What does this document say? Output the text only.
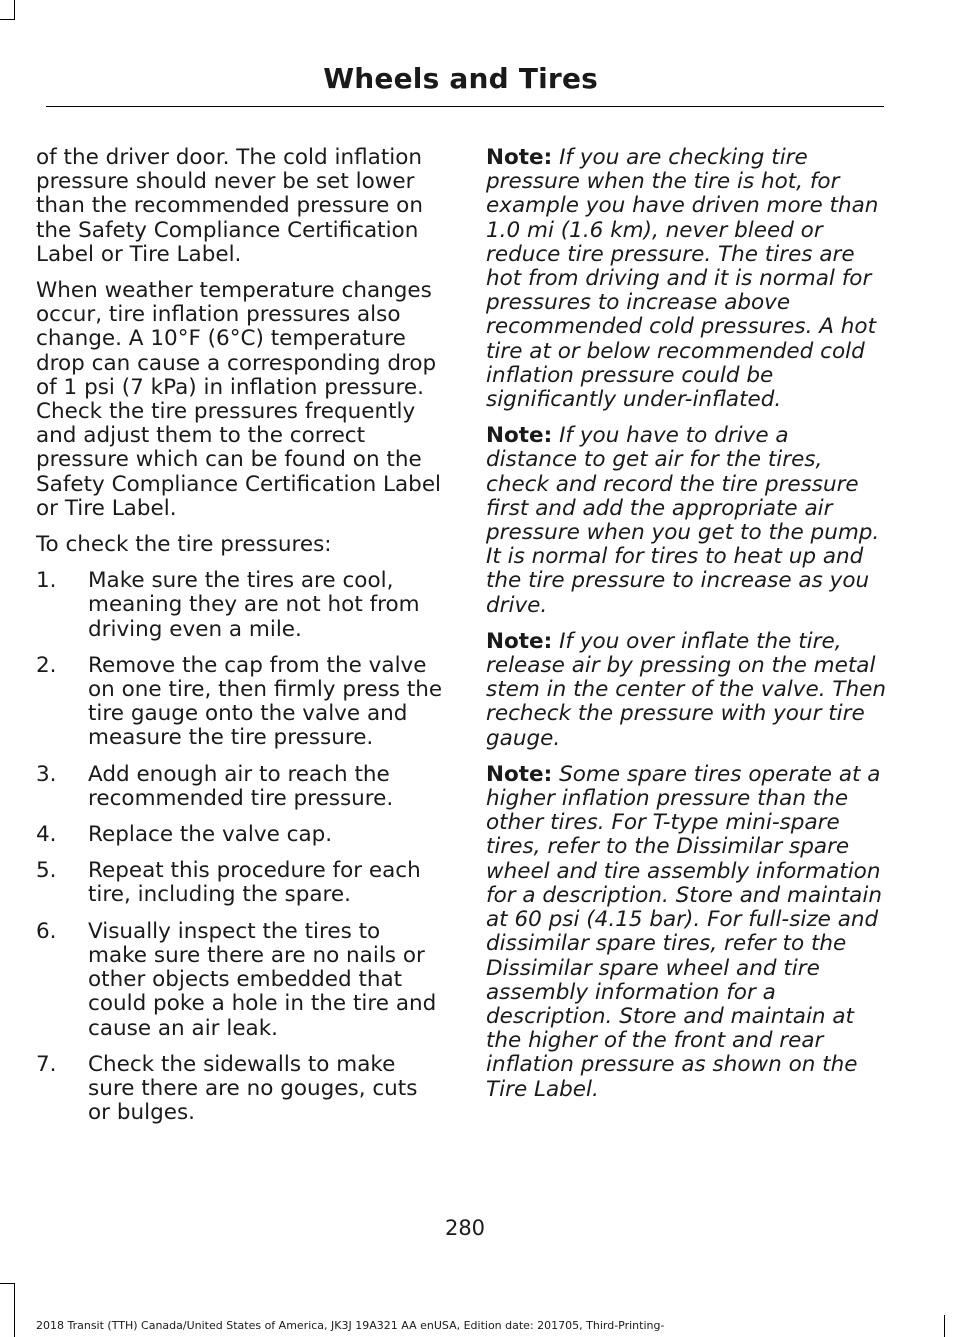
Wheels and Tires

of the driver door. The cold inflation pressure should never be set lower than the recommended pressure on the Safety Compliance Certification Label or Tire Label.

When weather temperature changes occur, tire inflation pressures also change. A 10°F (6°C) temperature drop can cause a corresponding drop of 1 psi (7 kPa) in inflation pressure. Check the tire pressures frequently and adjust them to the correct pressure which can be found on the Safety Compliance Certification Label or Tire Label.

To check the tire pressures:

1. Make sure the tires are cool, meaning they are not hot from driving even a mile.
2. Remove the cap from the valve on one tire, then firmly press the tire gauge onto the valve and measure the tire pressure.
3. Add enough air to reach the recommended tire pressure.
4. Replace the valve cap.
5. Repeat this procedure for each tire, including the spare.
6. Visually inspect the tires to make sure there are no nails or other objects embedded that could poke a hole in the tire and cause an air leak.
7. Check the sidewalls to make sure there are no gouges, cuts or bulges.

Note: If you are checking tire pressure when the tire is hot, for example you have driven more than 1.0 mi (1.6 km), never bleed or reduce tire pressure. The tires are hot from driving and it is normal for pressures to increase above recommended cold pressures. A hot tire at or below recommended cold inflation pressure could be significantly under-inflated.

Note: If you have to drive a distance to get air for the tires, check and record the tire pressure first and add the appropriate air pressure when you get to the pump. It is normal for tires to heat up and the tire pressure to increase as you drive.

Note: If you over inflate the tire, release air by pressing on the metal stem in the center of the valve. Then recheck the pressure with your tire gauge.

Note: Some spare tires operate at a higher inflation pressure than the other tires. For T-type mini-spare tires, refer to the Dissimilar spare wheel and tire assembly information for a description. Store and maintain at 60 psi (4.15 bar). For full-size and dissimilar spare tires, refer to the Dissimilar spare wheel and tire assembly information for a description. Store and maintain at the higher of the front and rear inflation pressure as shown on the Tire Label.

280
2018 Transit (TTH) Canada/United States of America, JK3J 19A321 AA enUSA, Edition date: 201705, Third-Printing-
